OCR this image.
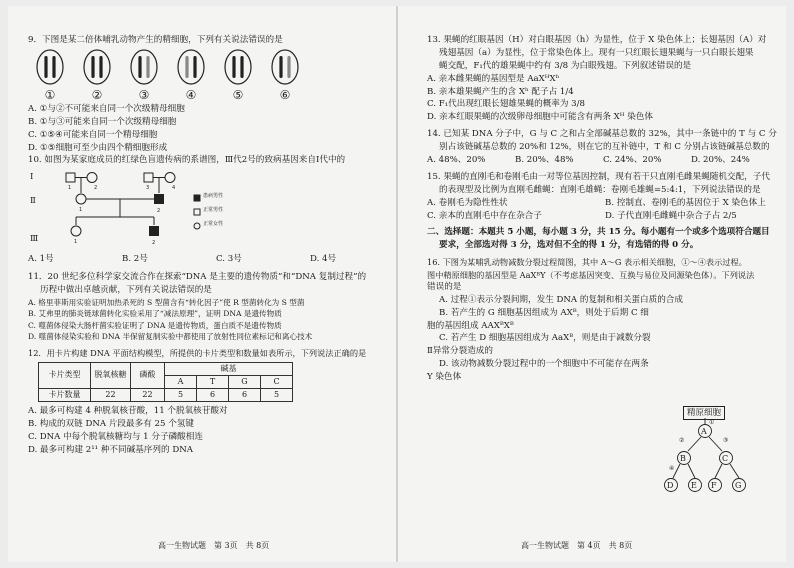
9．下图是某二倍体哺乳动物产生的精细胞，下列有关说法错误的是
①	②	③	④	⑤	⑥
A. ①与②不可能来自同一个次级精母细胞
B. ①与③可能来自同一个次级精母细胞
C. ①⑤④可能来自同一个精母细胞
D. ①⑤细胞可至少由四个精细胞形成
10. 如图为某家庭成员的红绿色盲遗传病的系谱图，Ⅲ代2号的致病基因来自Ⅰ代中的
Ⅰ
Ⅱ
Ⅲ
1	2	3	4
1	2
1	2
患病男性
正常男性
正常女性
A. 1号	B. 2号	C. 3号	D. 4号
11．20 世纪多位科学家交流合作在探索“DNA 是主要的遗传物质”和“DNA 复制过程”的
历程中做出卓越贡献，下列有关说法错误的是
A. 格里菲斯用实验证明加热杀死的 S 型菌含有“转化因子”使 R 型菌转化为 S 型菌
B. 艾弗里的肺炎链球菌转化实验采用了“减法原理”，证明 DNA 是遗传物质
C. 噬菌体侵染大肠杆菌实验证明了 DNA 是遗传物质，蛋白质不是遗传物质
D. 噬菌体侵染实验和 DNA 半保留复制实验中都使用了放射性同位素标记和离心技术
12．用卡片构建 DNA 平面结构模型，所提供的卡片类型和数量如表所示，下列说法正确的是
卡片类型	脱氧核糖	磷酸	碱基			
			A	T	G	C
卡片数量	22	22	5	6	6	5
A. 最多可构建 4 种脱氧核苷酸，11 个脱氧核苷酸对
B. 构成的双链 DNA 片段最多有 25 个氢键
C. DNA 中每个脱氧核糖均与 1 分子磷酸相连
D. 最多可构建 2¹¹ 种不同碱基序列的 DNA
高一生物试题　第 3页　共 8页
13. 果蝇的红眼基因（H）对白眼基因（h）为显性，位于 X 染色体上；长翅基因（A）对
残翅基因（a）为显性，位于常染色体上。现有一只红眼长翅果蝇与一只白眼长翅果
蝇交配，F₁代的雄果蝇中约有 3/8 为白眼残翅。下列叙述错误的是
A. 亲本雌果蝇的基因型是 AaXᴴXʰ
B. 亲本雄果蝇产生的含 Xʰ 配子占 1/4
C. F₁代出现红眼长翅雄果蝇的概率为 3/8
D. 亲本红眼果蝇的次级卵母细胞中可能含有两条 Xᴴ 染色体
14. 已知某 DNA 分子中，G 与 C 之和占全部碱基总数的 32%，其中一条链中的 T 与 C 分
别占该链碱基总数的 20%和 12%，则在它的互补链中，T 和 C 分别占该链碱基总数的
A. 48%、20%	B. 20%、48%	C. 24%、20%	D. 20%、24%
15. 果蝇的直刚毛和卷刚毛由一对等位基因控制，现有若干只直刚毛雌果蝇随机交配，子代
的表现型及比例为直刚毛雌蝇：直刚毛雄蝇：卷刚毛雄蝇=5:4:1，下列说法错误的是
A. 卷刚毛为隐性性状	B. 控制直、卷刚毛的基因位于 X 染色体上
C. 亲本的直刚毛中存在杂合子	D. 子代直刚毛雌蝇中杂合子占 2/5
二、选择题：本题共 5 小题，每小题 3 分，共 15 分。每小题有一个或多个选项符合题目
要求，全部选对得 3 分，选对但不全的得 1 分，有选错的得 0 分。
16. 下图为某哺乳动物减数分裂过程简图，其中 A～G 表示相关细胞，①～④表示过程。
图中精原细胞的基因型是 AaXᴮY（不考虑基因突变、互换与易位及同源染色体）。下列说法
错误的是
A. 过程①表示分裂间期，发生 DNA 的复制和相关蛋白质的合成
B. 若产生的 G 细胞基因组成为 AXᴮ，则处于后期 C 细
胞的基因组成 AAXᴮXᴮ
C. 若产生 D 细胞基因组成为 AaXᴮ，则是由于减数分裂
Ⅱ异常分裂造成的
D. 该动物减数分裂过程中的一个细胞中不可能存在两条
Y 染色体
精原细胞
A
B	C
D E F G
①
②	③
④
高一生物试题　第 4页　共 8页
